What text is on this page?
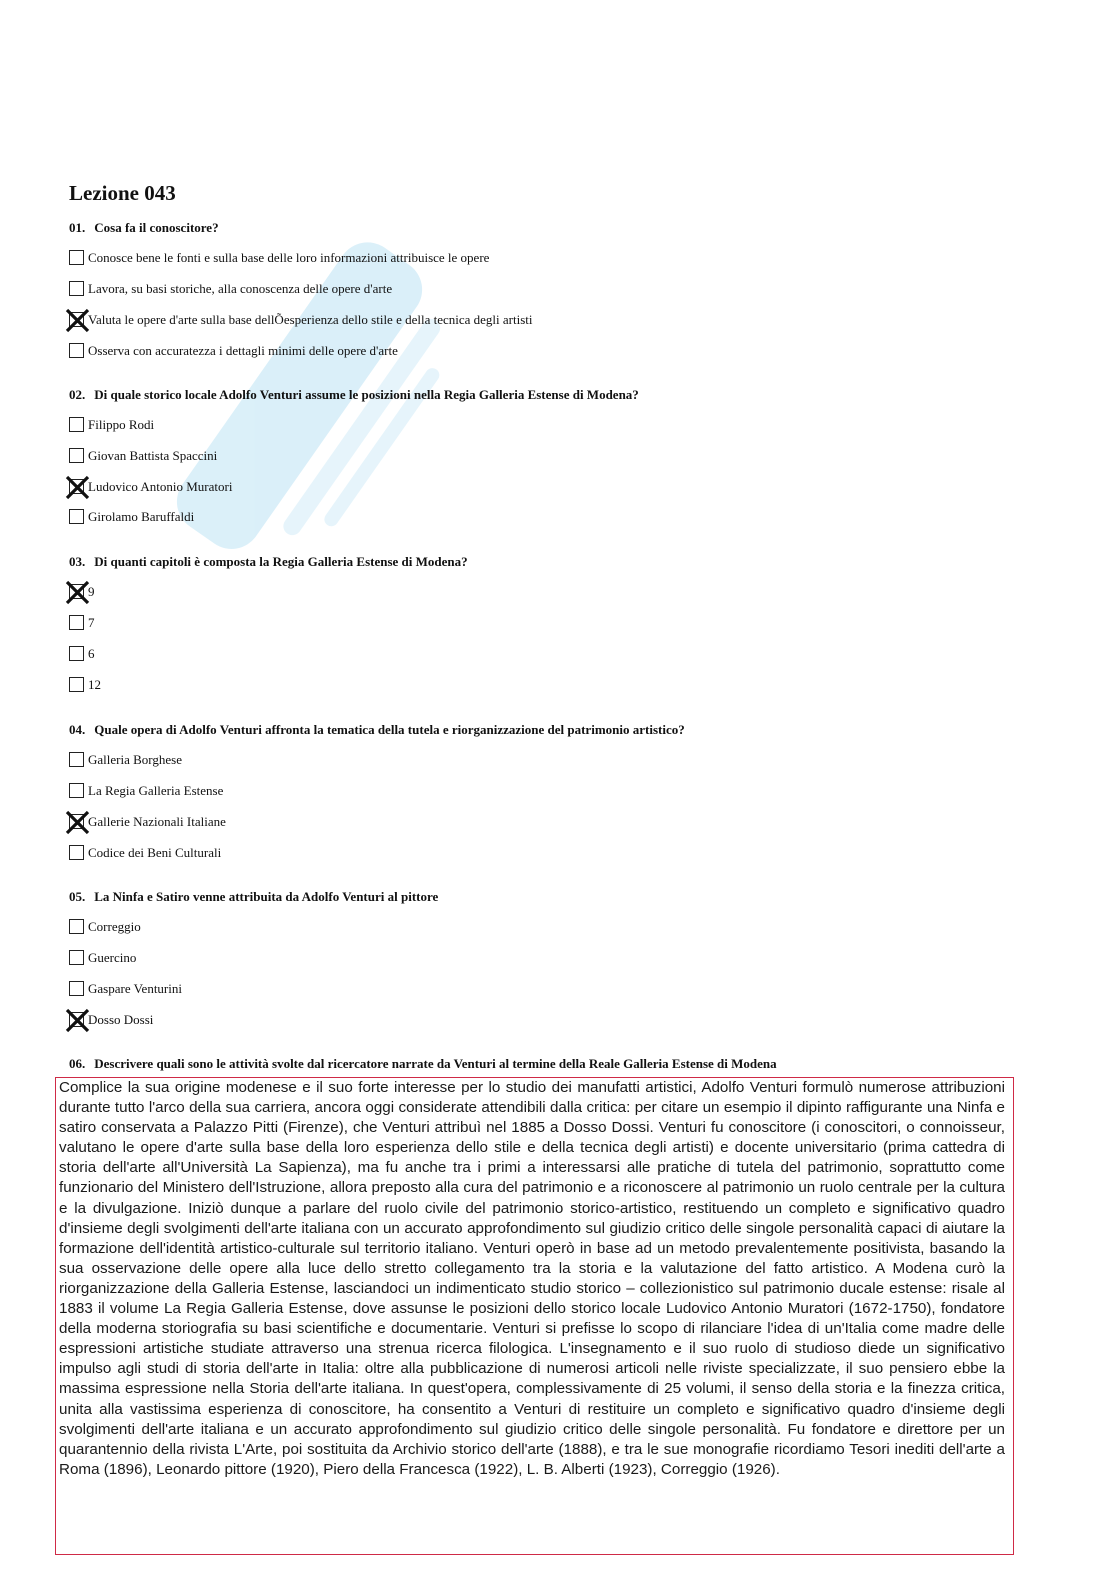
Lezione 043
01. Cosa fa il conoscitore?
Conosce bene le fonti e sulla base delle loro informazioni attribuisce le opere
Lavora, su basi storiche, alla conoscenza delle opere d'arte
Valuta le opere d'arte sulla base dellÕesperienza dello stile e della tecnica degli artisti
Osserva con accuratezza i dettagli minimi delle opere d'arte
02. Di quale storico locale Adolfo Venturi assume le posizioni nella Regia Galleria Estense di Modena?
Filippo Rodi
Giovan Battista Spaccini
Ludovico Antonio Muratori
Girolamo Baruffaldi
03. Di quanti capitoli è composta la Regia Galleria Estense di Modena?
9
7
6
12
04. Quale opera di Adolfo Venturi affronta la tematica della tutela e riorganizzazione del patrimonio artistico?
Galleria Borghese
La Regia Galleria Estense
Gallerie Nazionali Italiane
Codice dei Beni Culturali
05. La Ninfa e Satiro venne attribuita da Adolfo Venturi al pittore
Correggio
Guercino
Gaspare Venturini
Dosso Dossi
06. Descrivere quali sono le attività svolte dal ricercatore narrate da Venturi al termine della Reale Galleria Estense di Modena
Complice la sua origine modenese e il suo forte interesse per lo studio dei manufatti artistici, Adolfo Venturi formulò numerose attribuzioni durante tutto l'arco della sua carriera, ancora oggi considerate attendibili dalla critica: per citare un esempio il dipinto raffigurante una Ninfa e satiro conservata a Palazzo Pitti (Firenze), che Venturi attribuì nel 1885 a Dosso Dossi. Venturi fu conoscitore (i conoscitori, o connoisseur, valutano le opere d'arte sulla base della loro esperienza dello stile e della tecnica degli artisti) e docente universitario (prima cattedra di storia dell'arte all'Università La Sapienza), ma fu anche tra i primi a interessarsi alle pratiche di tutela del patrimonio, soprattutto come funzionario del Ministero dell'Istruzione, allora preposto alla cura del patrimonio e a riconoscere al patrimonio un ruolo centrale per la cultura e la divulgazione. Iniziò dunque a parlare del ruolo civile del patrimonio storico-artistico, restituendo un completo e significativo quadro d'insieme degli svolgimenti dell'arte italiana con un accurato approfondimento sul giudizio critico delle singole personalità capaci di aiutare la formazione dell'identità artistico-culturale sul territorio italiano. Venturi operò in base ad un metodo prevalentemente positivista, basando la sua osservazione delle opere alla luce dello stretto collegamento tra la storia e la valutazione del fatto artistico. A Modena curò la riorganizzazione della Galleria Estense, lasciandoci un indimenticato studio storico – collezionistico sul patrimonio ducale estense: risale al 1883 il volume La Regia Galleria Estense, dove assunse le posizioni dello storico locale Ludovico Antonio Muratori (1672-1750), fondatore della moderna storiografia su basi scientifiche e documentarie. Venturi si prefisse lo scopo di rilanciare l'idea di un'Italia come madre delle espressioni artistiche studiate attraverso una strenua ricerca filologica. L'insegnamento e il suo ruolo di studioso diede un significativo impulso agli studi di storia dell'arte in Italia: oltre alla pubblicazione di numerosi articoli nelle riviste specializzate, il suo pensiero ebbe la massima espressione nella Storia dell'arte italiana. In quest'opera, complessivamente di 25 volumi, il senso della storia e la finezza critica, unita alla vastissima esperienza di conoscitore, ha consentito a Venturi di restituire un completo e significativo quadro d'insieme degli svolgimenti dell'arte italiana e un accurato approfondimento sul giudizio critico delle singole personalità. Fu fondatore e direttore per un quarantennio della rivista L'Arte, poi sostituita da Archivio storico dell'arte (1888), e tra le sue monografie ricordiamo Tesori inediti dell'arte a Roma (1896), Leonardo pittore (1920), Piero della Francesca (1922), L. B. Alberti (1923), Correggio (1926).
